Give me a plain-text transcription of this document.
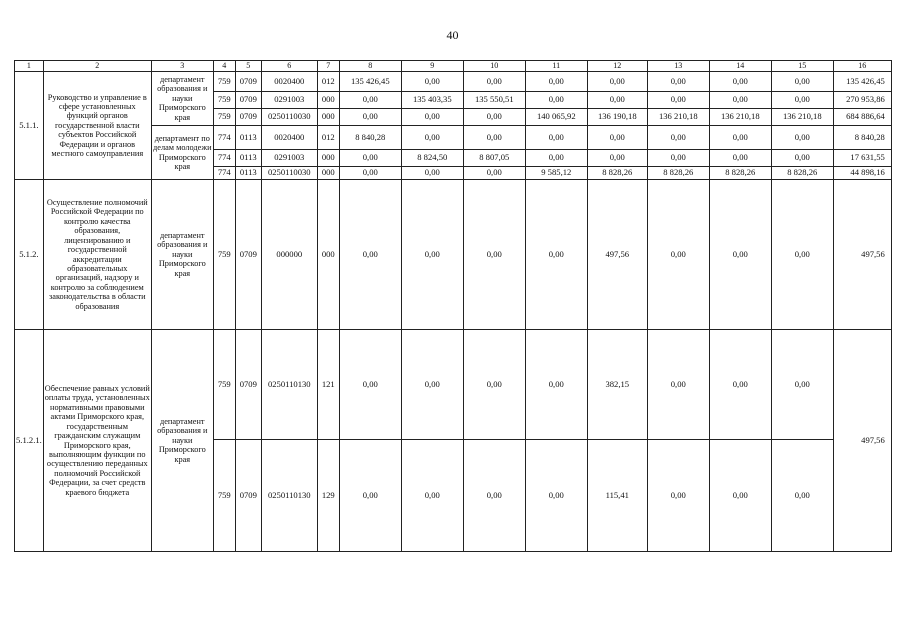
40
1	2	3	4	5	6	7	8	9	10	11	12	13	14	15	16
5.1.1.	Руководство и управление в сфере установленных функций органов государственной власти субъектов Российской Федерации и органов местного самоуправления	департамент образования и науки Приморского края	759	0709	0020400	012	135 426,45	0,00	0,00	0,00	0,00	0,00	0,00	0,00	135 426,45
			759	0709	0291003	000	0,00	135 403,35	135 550,51	0,00	0,00	0,00	0,00	0,00	270 953,86
			759	0709	0250110030	000	0,00	0,00	0,00	140 065,92	136 190,18	136 210,18	136 210,18	136 210,18	684 886,64
		департамент по делам молодежи Приморского края	774	0113	0020400	012	8 840,28	0,00	0,00	0,00	0,00	0,00	0,00	0,00	8 840,28
			774	0113	0291003	000	0,00	8 824,50	8 807,05	0,00	0,00	0,00	0,00	0,00	17 631,55
			774	0113	0250110030	000	0,00	0,00	0,00	9 585,12	8 828,26	8 828,26	8 828,26	8 828,26	44 898,16
5.1.2.	Осуществление полномочий Российской Федерации по контролю качества образования, лицензированию и государственной аккредитации образовательных организаций, надзору и контролю за соблюдением законодательства в области образования	департамент образования и науки Приморского края	759	0709	000000	000	0,00	0,00	0,00	0,00	497,56	0,00	0,00	0,00	497,56
5.1.2.1.	Обеспечение равных условий оплаты труда, установленных нормативными правовыми актами Приморского края, государственным гражданским служащим Приморского края, выполняющим функции по осуществлению переданных полномочий Российской Федерации, за счет средств краевого бюджета	департамент образования и науки Приморского края	759	0709	0250110130	121	0,00	0,00	0,00	0,00	382,15	0,00	0,00	0,00	497,56
			759	0709	0250110130	129	0,00	0,00	0,00	0,00	115,41	0,00	0,00	0,00	
